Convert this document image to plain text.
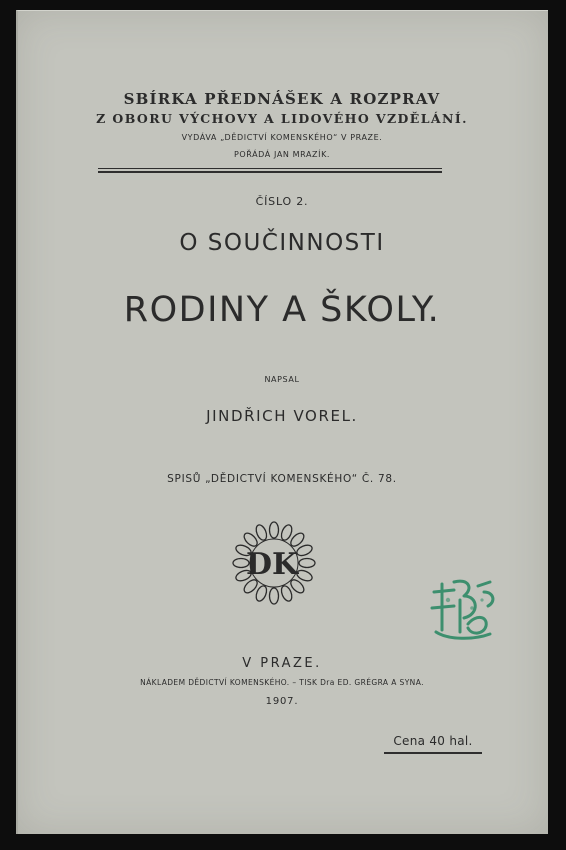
SBÍRKA PŘEDNÁŠEK A ROZPRAV
Z OBORU VÝCHOVY A LIDOVÉHO VZDĚLÁNÍ.
VYDÁVA „DĚDICTVÍ KOMENSKÉHO“ V PRAZE.
POŘÁDÁ JAN MRAZÍK.
ČÍSLO 2.
O SOUČINNOSTI
RODINY A ŠKOLY.
NAPSAL
JINDŘICH VOREL.
SPISŮ „DĚDICTVÍ KOMENSKÉHO“ Č. 78.
DK
V PRAZE.
NÁKLADEM DĚDICTVÍ KOMENSKÉHO. – TISK Drа ED. GRÉGRA A SYNA.
1907.
Cena 40 hal.
